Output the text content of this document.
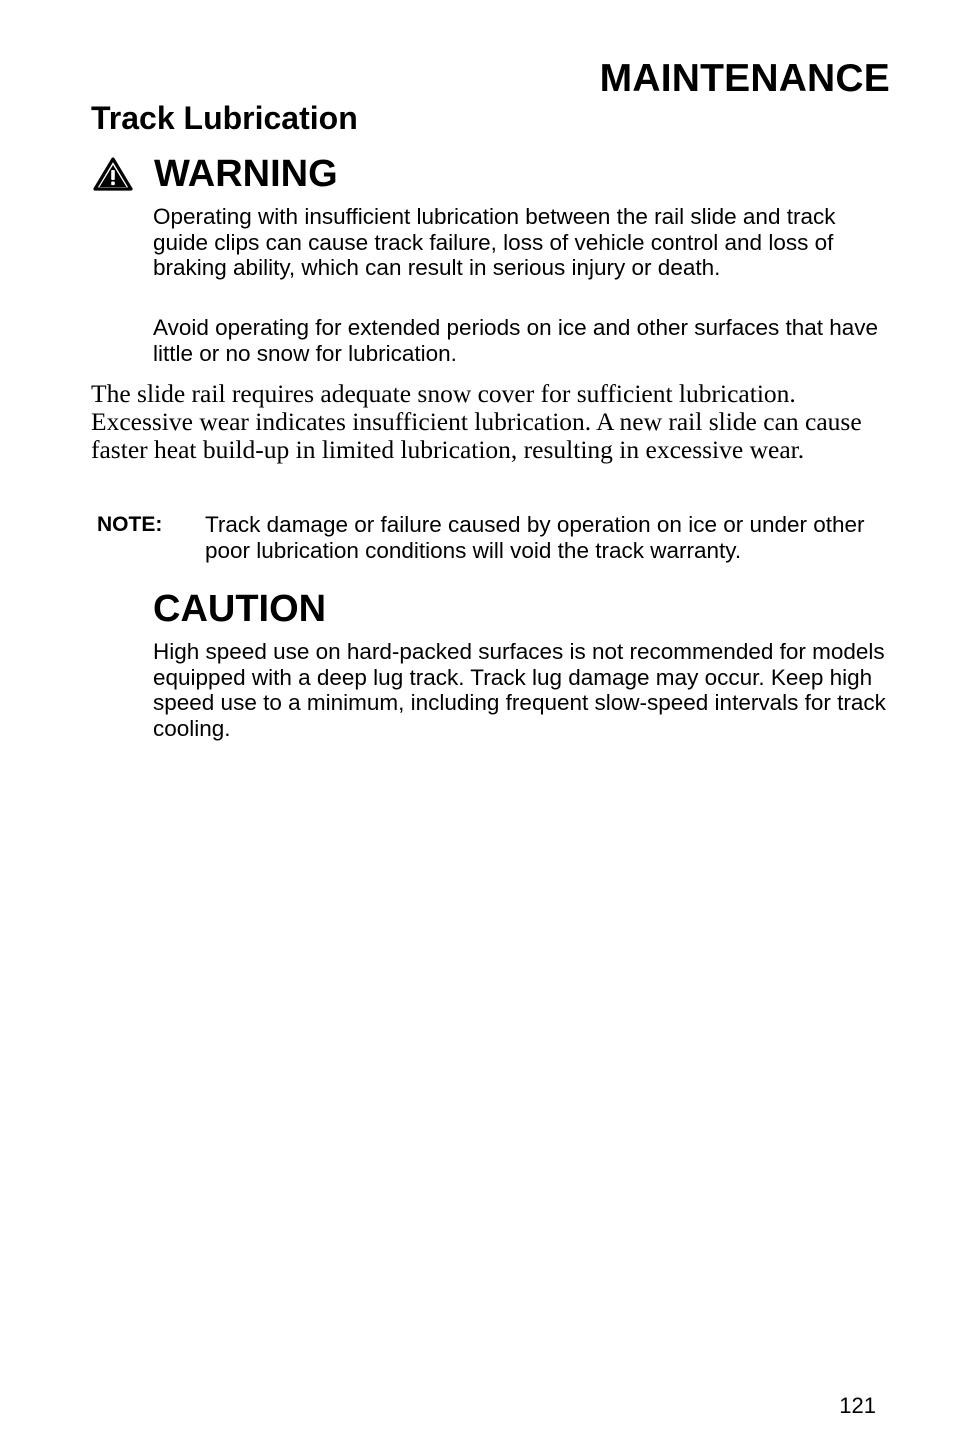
MAINTENANCE
Track Lubrication
WARNING

Operating with insufficient lubrication between the rail slide and track guide clips can cause track failure, loss of vehicle control and loss of braking ability, which can result in serious injury or death.

Avoid operating for extended periods on ice and other surfaces that have little or no snow for lubrication.

The slide rail requires adequate snow cover for sufficient lubrication. Excessive wear indicates insufficient lubrication. A new rail slide can cause faster heat build-up in limited lubrication, resulting in excessive wear.

NOTE: Track damage or failure caused by operation on ice or under other poor lubrication conditions will void the track warranty.

CAUTION

High speed use on hard-packed surfaces is not recommended for models equipped with a deep lug track. Track lug damage may occur. Keep high speed use to a minimum, including frequent slow-speed intervals for track cooling.

121
